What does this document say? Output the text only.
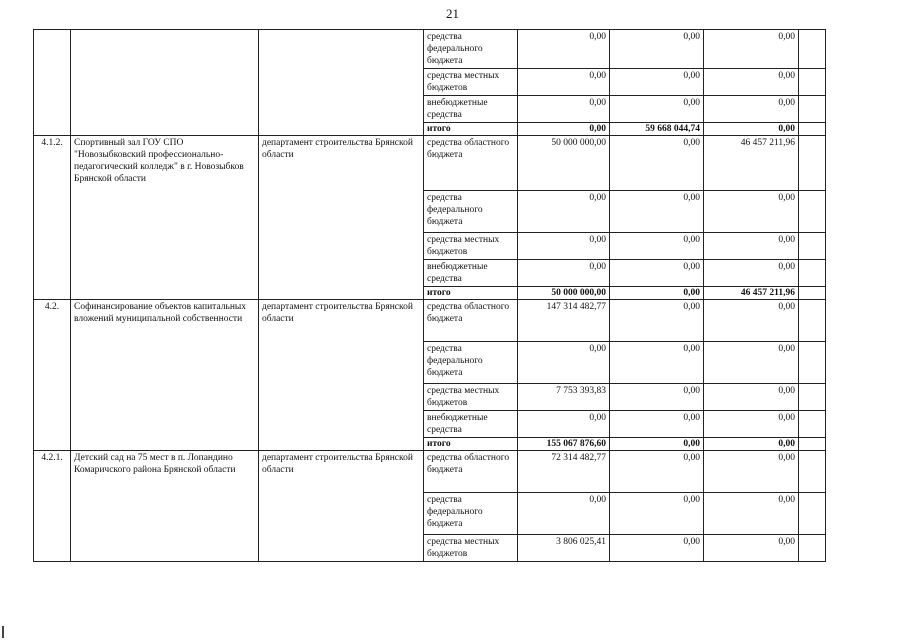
21
			средства федерального бюджета	0,00	0,00	0,00	
			средства местных бюджетов	0,00	0,00	0,00	
			внебюджетные средства	0,00	0,00	0,00	
			итого	0,00	59 668 044,74	0,00	
4.1.2.	Спортивный зал ГОУ СПО "Новозыбковский профессионально-педагогический колледж" в г. Новозыбков Брянской области	департамент строительства Брянской области	средства областного бюджета	50 000 000,00	0,00	46 457 211,96	
			средства федерального бюджета	0,00	0,00	0,00	
			средства местных бюджетов	0,00	0,00	0,00	
			внебюджетные средства	0,00	0,00	0,00	
			итого	50 000 000,00	0,00	46 457 211,96	
4.2.	Софинансирование объектов капитальных вложений муниципальной собственности	департамент строительства Брянской области	средства областного бюджета	147 314 482,77	0,00	0,00	
			средства федерального бюджета	0,00	0,00	0,00	
			средства местных бюджетов	7 753 393,83	0,00	0,00	
			внебюджетные средства	0,00	0,00	0,00	
			итого	155 067 876,60	0,00	0,00	
4.2.1.	Детский сад на 75 мест в п. Лопандино Комаричского района Брянской области	департамент строительства Брянской области	средства областного бюджета	72 314 482,77	0,00	0,00	
			средства федерального бюджета	0,00	0,00	0,00	
			средства местных бюджетов	3 806 025,41	0,00	0,00	
